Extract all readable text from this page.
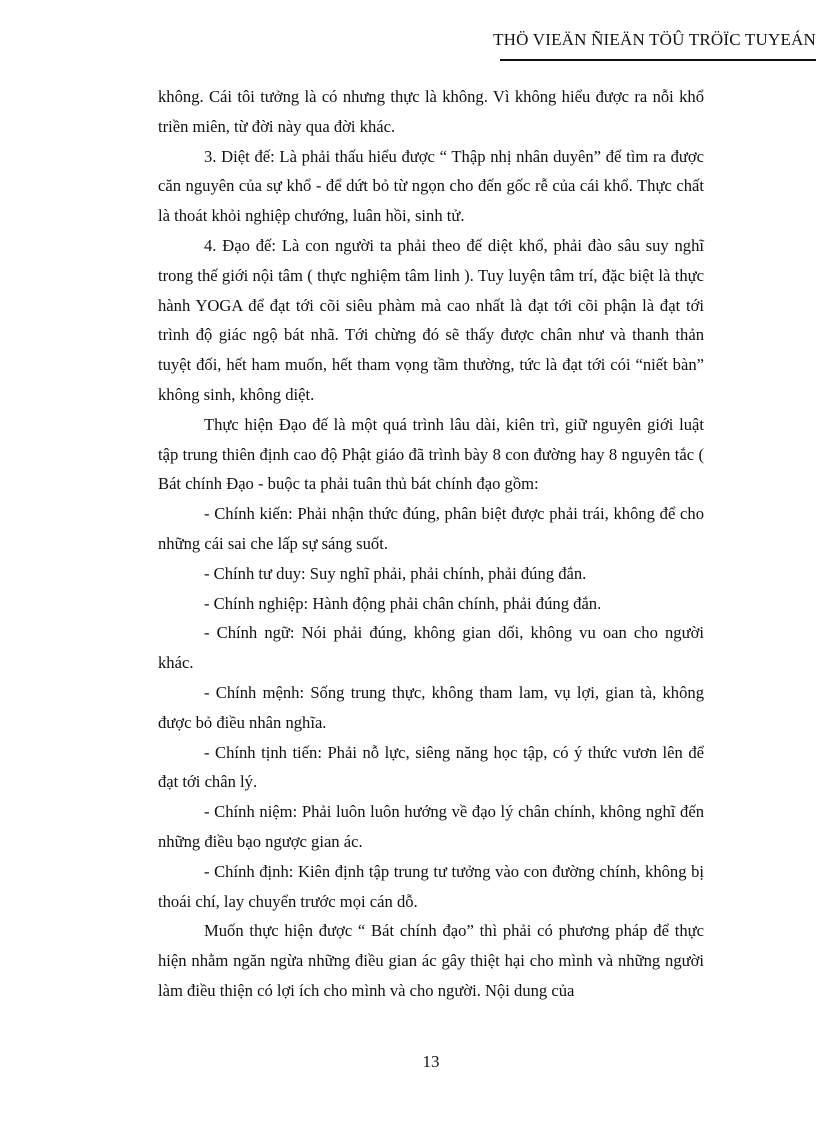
THÖ VIEÄN ÑIEÄN TÖÛ TRÖÏC TUYEÁN

không. Cái tôi tưởng là có nhưng thực là không. Vì không hiểu được ra nỗi khổ triền miên, từ đời này qua đời khác.

3. Diệt đế: Là phải thấu hiểu được “ Thập nhị nhân duyên” để tìm ra được căn nguyên của sự khổ - để dứt bỏ từ ngọn cho đến gốc rễ của cái khổ. Thực chất là thoát khỏi nghiệp chướng, luân hồi, sinh tử.

4. Đạo đế: Là con người ta phải theo đế diệt khổ, phải đào sâu suy nghĩ trong thế giới nội tâm ( thực nghiệm tâm linh ). Tuy luyện tâm trí, đặc biệt là thực hành YOGA để đạt tới cõi siêu phàm mà cao nhất là đạt tới cõi phận là đạt tới trình độ giác ngộ bát nhã. Tới chừng đó sẽ thấy được chân như và thanh thản tuyệt đối, hết ham muốn, hết tham vọng tầm thường, tức là đạt tới cói “niết bàn” không sinh, không diệt.

Thực hiện Đạo đế là một quá trình lâu dài, kiên trì, giữ nguyên giới luật tập trung thiên định cao độ Phật giáo đã trình bày 8 con đường hay 8 nguyên tắc ( Bát chính Đạo - buộc ta phải tuân thủ bát chính đạo gồm:

- Chính kiến: Phải nhận thức đúng, phân biệt được phải trái, không để cho những cái sai che lấp sự sáng suốt.

- Chính tư duy: Suy nghĩ phải, phải chính, phải đúng đắn.

- Chính nghiệp: Hành động phải chân chính, phải đúng đắn.

- Chính ngữ: Nói phải đúng, không gian dối, không vu oan cho người khác.

- Chính mệnh: Sống trung thực, không tham lam, vụ lợi, gian tà, không được bỏ điều nhân nghĩa.

- Chính tịnh tiến: Phải nỗ lực, siêng năng học tập, có ý thức vươn lên để đạt tới chân lý.

- Chính niệm: Phải luôn luôn hướng về đạo lý chân chính, không nghĩ đến những điều bạo ngược gian ác.

- Chính định: Kiên định tập trung tư tưởng vào con đường chính, không bị thoái chí, lay chuyển trước mọi cán dỗ.

Muốn thực hiện được “ Bát chính đạo” thì phải có phương pháp để thực hiện nhằm ngăn ngừa những điều gian ác gây thiệt hại cho mình và những người làm điều thiện có lợi ích cho mình và cho người. Nội dung của

13
